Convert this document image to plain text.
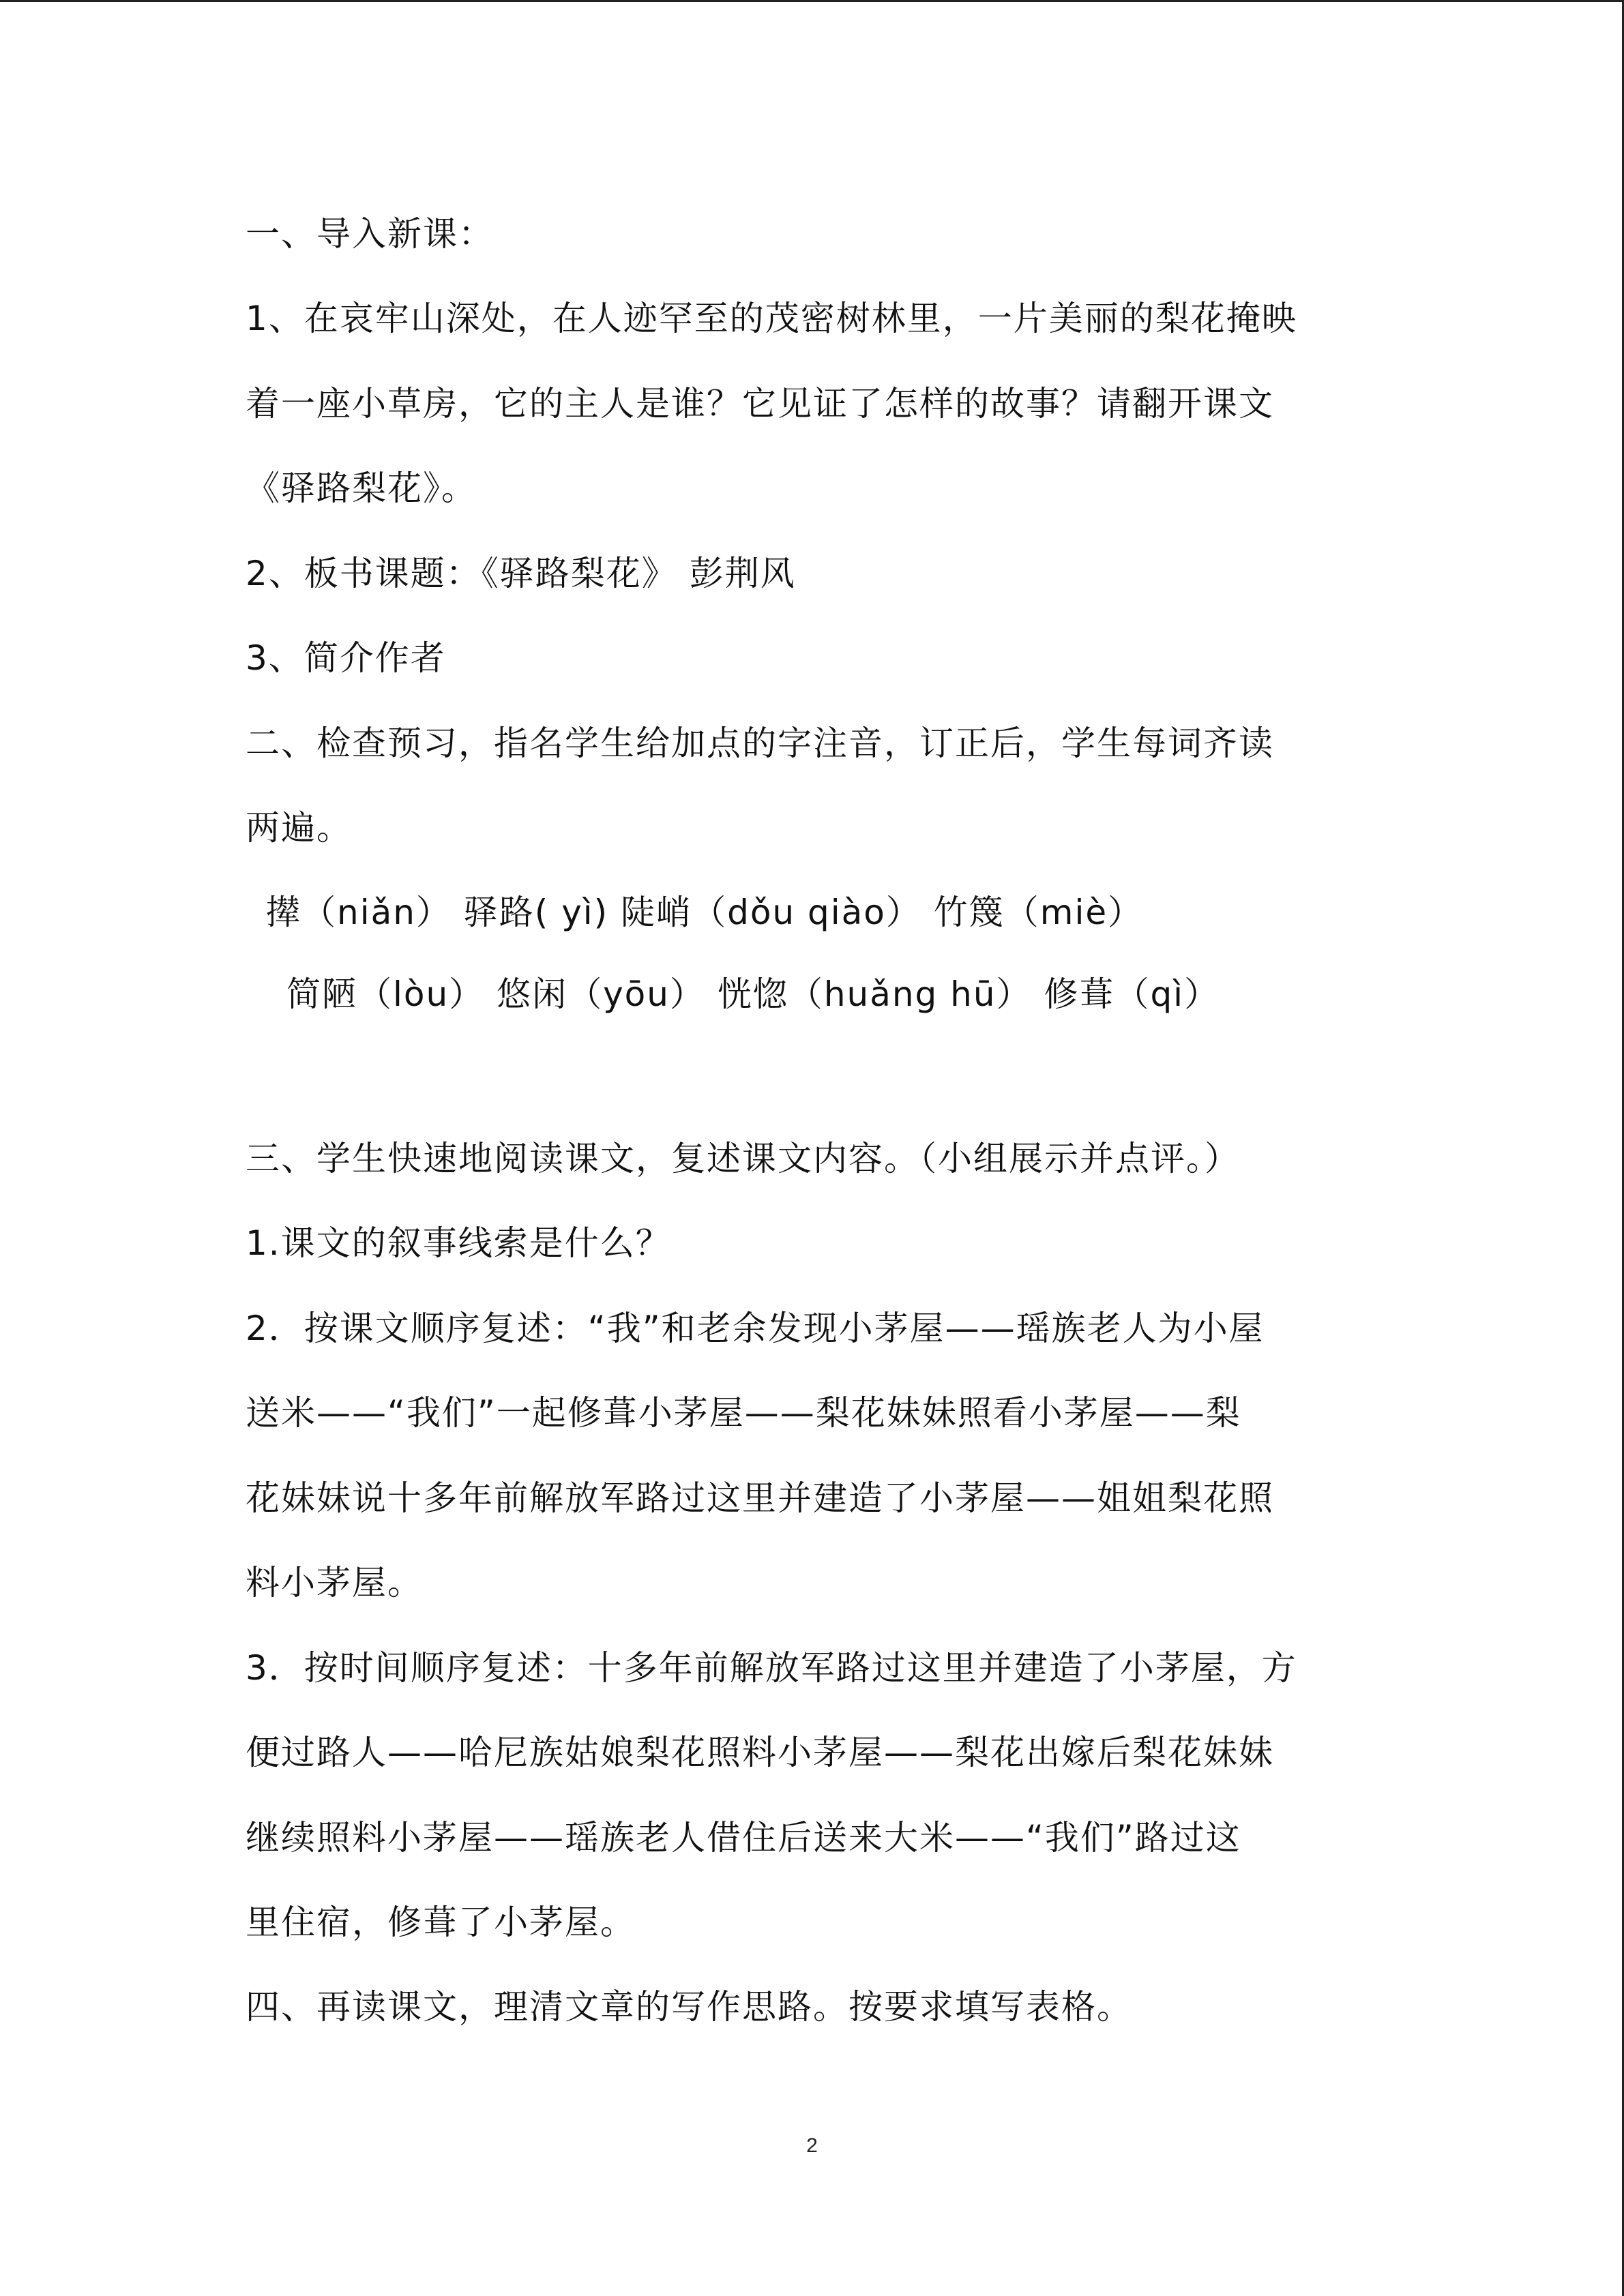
一、导入新课：
1、在哀牢山深处，在人迹罕至的茂密树林里，一片美丽的梨花掩映
着一座小草房，它的主人是谁？它见证了怎样的故事？请翻开课文
《驿路梨花》。
2、板书课题：《驿路梨花》 彭荆风
3、简介作者
二、检查预习，指名学生给加点的字注音，订正后，学生每词齐读
两遍。
撵（niǎn） 驿路( yì) 陡峭（dǒu qiào） 竹篾（miè）
简陋（lòu） 悠闲（yōu） 恍惚（huǎng hū） 修葺（qì）
三、学生快速地阅读课文，复述课文内容。（小组展示并点评。）
1.课文的叙事线索是什么？
2．按课文顺序复述：“我”和老余发现小茅屋——瑶族老人为小屋
送米——“我们”一起修葺小茅屋——梨花妹妹照看小茅屋——梨
花妹妹说十多年前解放军路过这里并建造了小茅屋——姐姐梨花照
料小茅屋。
3．按时间顺序复述：十多年前解放军路过这里并建造了小茅屋，方
便过路人——哈尼族姑娘梨花照料小茅屋——梨花出嫁后梨花妹妹
继续照料小茅屋——瑶族老人借住后送来大米——“我们”路过这
里住宿，修葺了小茅屋。
四、再读课文，理清文章的写作思路。按要求填写表格。
2
